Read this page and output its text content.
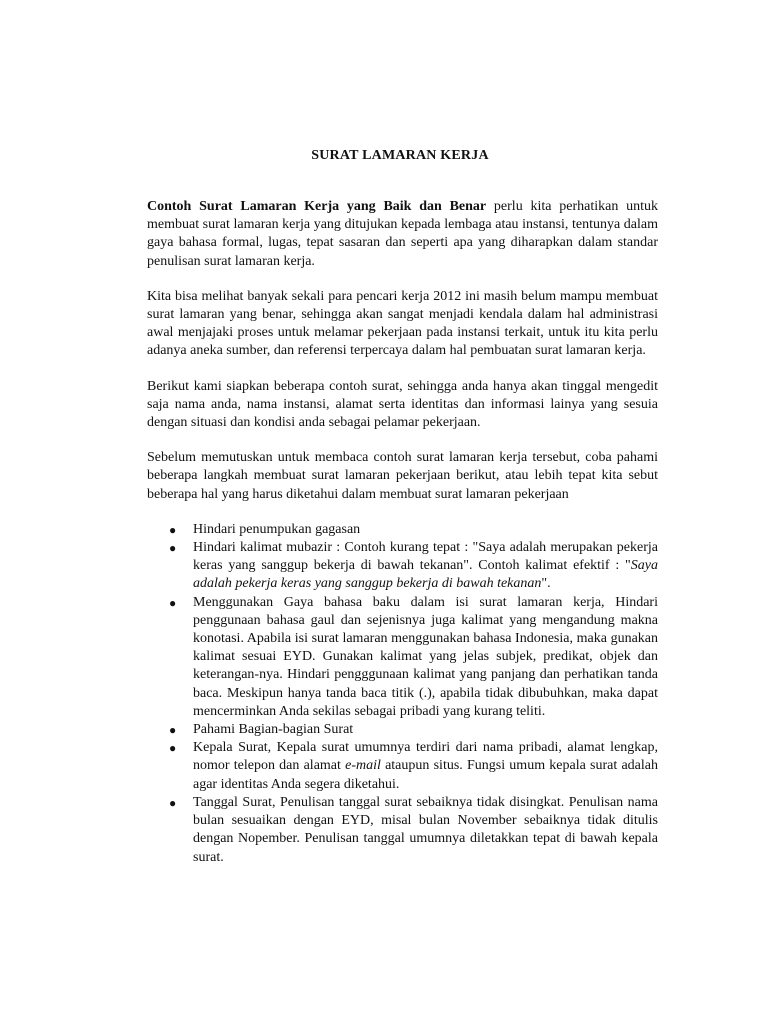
SURAT LAMARAN KERJA

Contoh Surat Lamaran Kerja yang Baik dan Benar perlu kita perhatikan untuk membuat surat lamaran kerja yang ditujukan kepada lembaga atau instansi, tentunya dalam gaya bahasa formal, lugas, tepat sasaran dan seperti apa yang diharapkan dalam standar penulisan surat lamaran kerja.

Kita bisa melihat banyak sekali para pencari kerja 2012 ini masih belum mampu membuat surat lamaran yang benar, sehingga akan sangat menjadi kendala dalam hal administrasi awal menjajaki proses untuk melamar pekerjaan pada instansi terkait, untuk itu kita perlu adanya aneka sumber, dan referensi terpercaya dalam hal pembuatan surat lamaran kerja.

Berikut kami siapkan beberapa contoh surat, sehingga anda hanya akan tinggal mengedit saja nama anda, nama instansi, alamat serta identitas dan informasi lainya yang sesuia dengan situasi dan kondisi anda sebagai pelamar pekerjaan.

Sebelum memutuskan untuk membaca contoh surat lamaran kerja tersebut, coba pahami beberapa langkah membuat surat lamaran pekerjaan berikut, atau lebih tepat kita sebut beberapa hal yang harus diketahui dalam membuat surat lamaran pekerjaan

● Hindari penumpukan gagasan
● Hindari kalimat mubazir : Contoh kurang tepat : "Saya adalah merupakan pekerja keras yang sanggup bekerja di bawah tekanan". Contoh kalimat efektif : "Saya adalah pekerja keras yang sanggup bekerja di bawah tekanan".
● Menggunakan Gaya bahasa baku dalam isi surat lamaran kerja, Hindari penggunaan bahasa gaul dan sejenisnya juga kalimat yang mengandung makna konotasi. Apabila isi surat lamaran menggunakan bahasa Indonesia, maka gunakan kalimat sesuai EYD. Gunakan kalimat yang jelas subjek, predikat, objek dan keterangan-nya. Hindari pengggunaan kalimat yang panjang dan perhatikan tanda baca. Meskipun hanya tanda baca titik (.), apabila tidak dibubuhkan, maka dapat mencerminkan Anda sekilas sebagai pribadi yang kurang teliti.
● Pahami Bagian-bagian Surat
● Kepala Surat, Kepala surat umumnya terdiri dari nama pribadi, alamat lengkap, nomor telepon dan alamat e-mail ataupun situs. Fungsi umum kepala surat adalah agar identitas Anda segera diketahui.
● Tanggal Surat, Penulisan tanggal surat sebaiknya tidak disingkat. Penulisan nama bulan sesuaikan dengan EYD, misal bulan November sebaiknya tidak ditulis dengan Nopember. Penulisan tanggal umumnya diletakkan tepat di bawah kepala surat.
